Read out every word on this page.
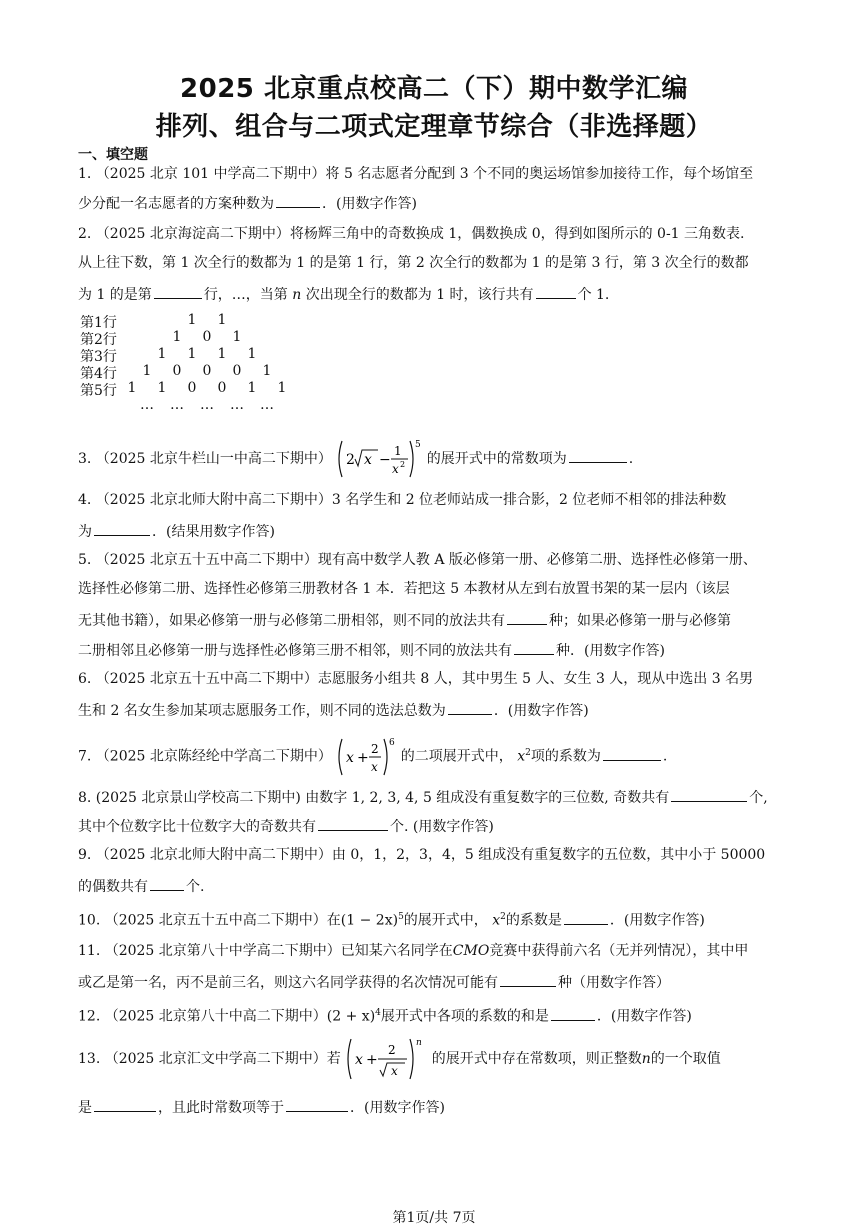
2025 北京重点校高二（下）期中数学汇编
排列、组合与二项式定理章节综合（非选择题）
一、填空题
1. （2025 北京 101 中学高二下期中）将 5 名志愿者分配到 3 个不同的奥运场馆参加接待工作，每个场馆至
少分配一名志愿者的方案种数为	．(用数字作答)
2. （2025 北京海淀高二下期中）将杨辉三角中的奇数换成 1，偶数换成 0，得到如图所示的 0-1 三角数表.
从上往下数，第 1 次全行的数都为 1 的是第 1 行，第 2 次全行的数都为 1 的是第 3 行，第 3 次全行的数都
为 1 的是第	行，…，当第 n 次出现全行的数都为 1 时，该行共有	个 1.
第1行	1 1
第2行	1 0 1
第3行	1 1 1 1
第4行 1 0 0 0 1
第5行 1 1 0 0 1 1
… … … … …
3. （2025 北京牛栏山一中高二下期中） 2 x −
1
x 2
5
的展开式中的常数项为	.
4. （2025 北京北师大附中高二下期中）3 名学生和 2 位老师站成一排合影，2 位老师不相邻的排法种数
为	．(结果用数字作答)
5. （2025 北京五十五中高二下期中）现有高中数学人教 A 版必修第一册、必修第二册、选择性必修第一册、
选择性必修第二册、选择性必修第三册教材各 1 本．若把这 5 本教材从左到右放置书架的某一层内（该层
无其他书籍），如果必修第一册与必修第二册相邻，则不同的放法共有	种；如果必修第一册与必修第
二册相邻且必修第一册与选择性必修第三册不相邻，则不同的放法共有	种．(用数字作答)
6. （2025 北京五十五中高二下期中）志愿服务小组共 8 人，其中男生 5 人、女生 3 人，现从中选出 3 名男
生和 2 名女生参加某项志愿服务工作，则不同的选法总数为	．(用数字作答)
7. （2025 北京陈经纶中学高二下期中） x +
2
x
6
的二项展开式中， $x^2$项的系数为	.
8. (2025 北京景山学校高二下期中) 由数字 1, 2, 3, 4, 5 组成没有重复数字的三位数, 奇数共有	个,
其中个位数字比十位数字大的奇数共有	个. (用数字作答)
9. （2025 北京北师大附中高二下期中）由 0，1，2，3，4，5 组成没有重复数字的五位数，其中小于 50000
的偶数共有	个.
10. （2025 北京五十五中高二下期中）在$(1 - 2x)^5$的展开式中， $x^2$的系数是	．(用数字作答)
11. （2025 北京第八十中学高二下期中）已知某六名同学在CMO竞赛中获得前六名（无并列情况），其中甲
或乙是第一名，丙不是前三名，则这六名同学获得的名次情况可能有	种（用数字作答）
12. （2025 北京第八十中高二下期中）$(2 + x)^4$展开式中各项的系数的和是	．(用数字作答)
13. （2025 北京汇文中学高二下期中）若 x +
2
x
n
的展开式中存在常数项，则正整数n的一个取值
是	，且此时常数项等于	．(用数字作答)
第1页/共 7页
